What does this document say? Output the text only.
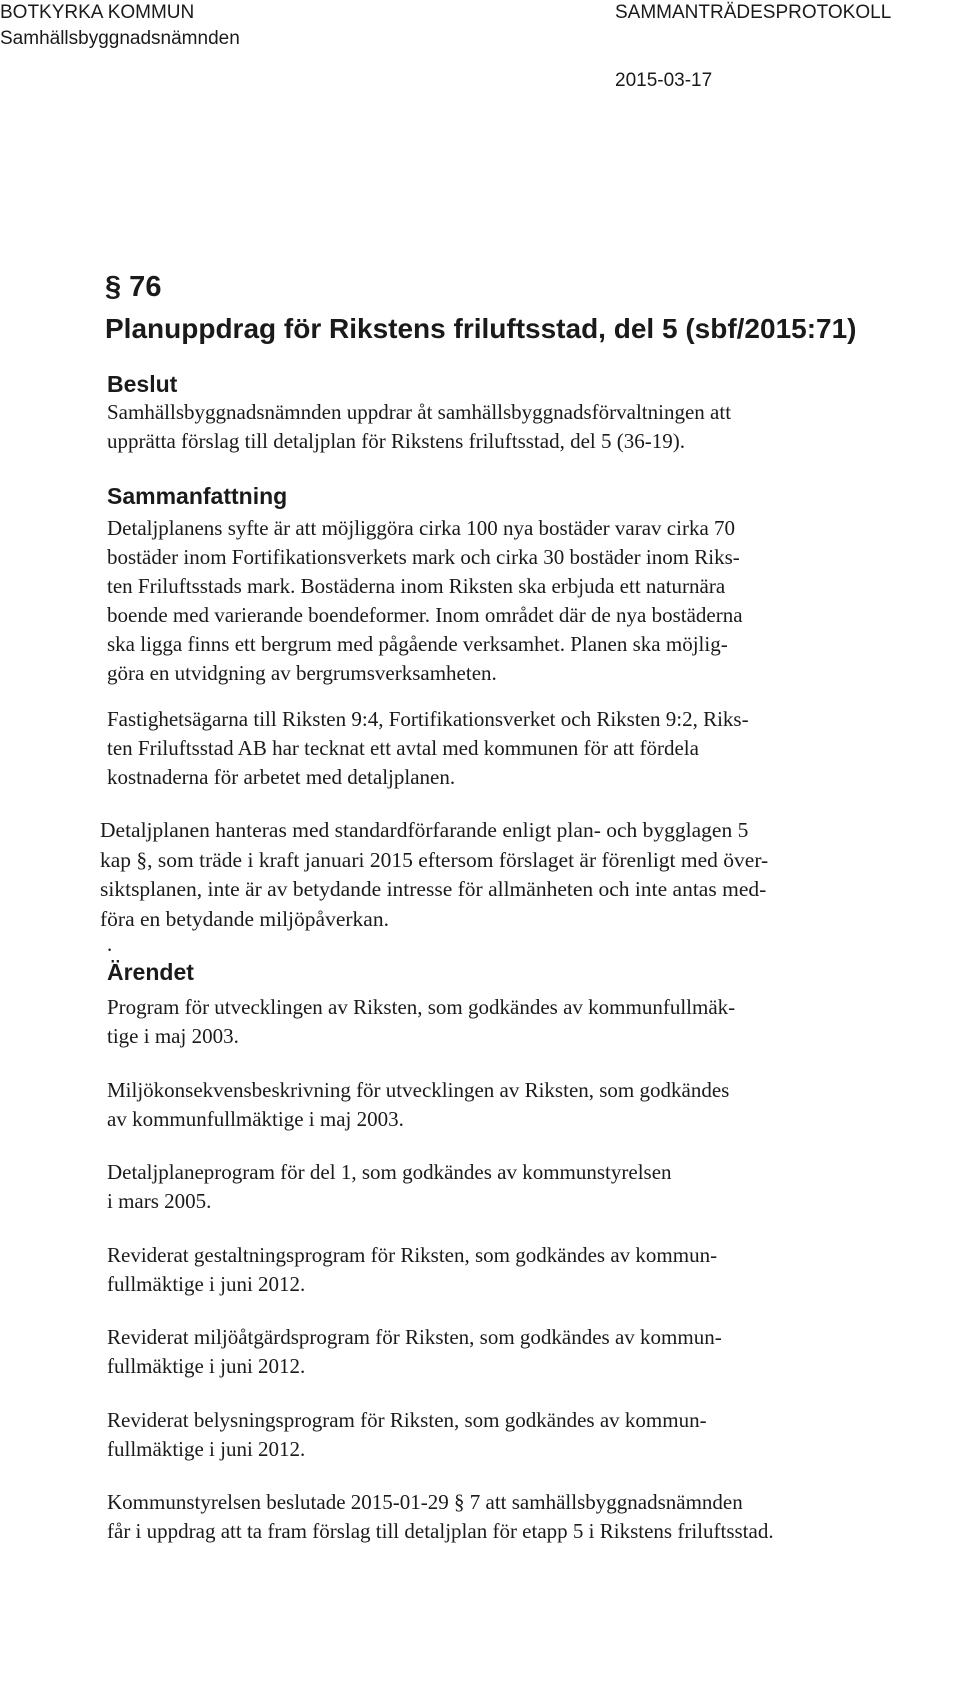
BOTKYRKA KOMMUN
Samhällsbyggnadsnämnden
SAMMANTRÄDESPROTOKOLL
2015-03-17
§ 76
Planuppdrag för Rikstens friluftsstad, del 5 (sbf/2015:71)
Beslut
Samhällsbyggnadsnämnden uppdrar åt samhällsbyggnadsförvaltningen att
upprätta förslag till detaljplan för Rikstens friluftsstad, del 5 (36-19).
Sammanfattning
Detaljplanens syfte är att möjliggöra cirka 100 nya bostäder varav cirka 70
bostäder inom Fortifikationsverkets mark och cirka 30 bostäder inom Riks-
ten Friluftsstads mark. Bostäderna inom Riksten ska erbjuda ett naturnära
boende med varierande boendeformer. Inom området där de nya bostäderna
ska ligga finns ett bergrum med pågående verksamhet. Planen ska möjlig-
göra en utvidgning av bergrumsverksamheten.
Fastighetsägarna till Riksten 9:4, Fortifikationsverket och Riksten 9:2, Riks-
ten Friluftsstad AB har tecknat ett avtal med kommunen för att fördela
kostnaderna för arbetet med detaljplanen.
Detaljplanen hanteras med standardförfarande enligt plan- och bygglagen 5
kap §, som träde i kraft januari 2015 eftersom förslaget är förenligt med över-
siktsplanen, inte är av betydande intresse för allmänheten och inte antas med-
föra en betydande miljöpåverkan.
.
Ärendet
Program för utvecklingen av Riksten, som godkändes av kommunfullmäk-
tige i maj 2003.
Miljökonsekvensbeskrivning för utvecklingen av Riksten, som godkändes
av kommunfullmäktige i maj 2003.
Detaljplaneprogram för del 1, som godkändes av kommunstyrelsen
i mars 2005.
Reviderat gestaltningsprogram för Riksten, som godkändes av kommun-
fullmäktige i juni 2012.
Reviderat miljöåtgärdsprogram för Riksten, som godkändes av kommun-
fullmäktige i juni 2012.
Reviderat belysningsprogram för Riksten, som godkändes av kommun-
fullmäktige i juni 2012.
Kommunstyrelsen beslutade 2015-01-29 § 7 att samhällsbyggnadsnämnden
får i uppdrag att ta fram förslag till detaljplan för etapp 5 i Rikstens friluftsstad.
